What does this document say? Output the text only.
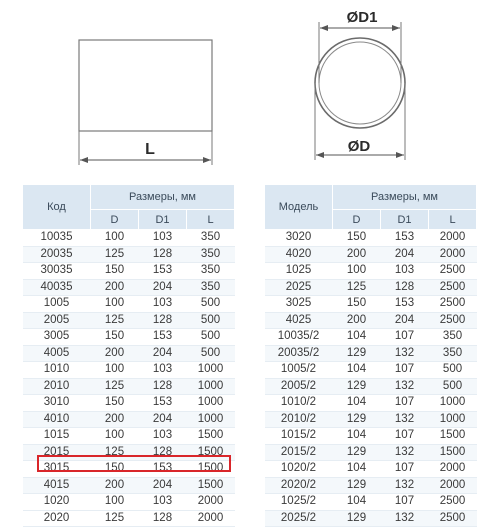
L
ØD1
ØD
Код	Размеры, мм		
	D	D1	L
10035	100	103	350
20035	125	128	350
30035	150	153	350
40035	200	204	350
1005	100	103	500
2005	125	128	500
3005	150	153	500
4005	200	204	500
1010	100	103	1000
2010	125	128	1000
3010	150	153	1000
4010	200	204	1000
1015	100	103	1500
2015	125	128	1500
3015	150	153	1500
4015	200	204	1500
1020	100	103	2000
2020	125	128	2000
Модель	Размеры, мм		
	D	D1	L
3020	150	153	2000
4020	200	204	2000
1025	100	103	2500
2025	125	128	2500
3025	150	153	2500
4025	200	204	2500
10035/2	104	107	350
20035/2	129	132	350
1005/2	104	107	500
2005/2	129	132	500
1010/2	104	107	1000
2010/2	129	132	1000
1015/2	104	107	1500
2015/2	129	132	1500
1020/2	104	107	2000
2020/2	129	132	2000
1025/2	104	107	2500
2025/2	129	132	2500
